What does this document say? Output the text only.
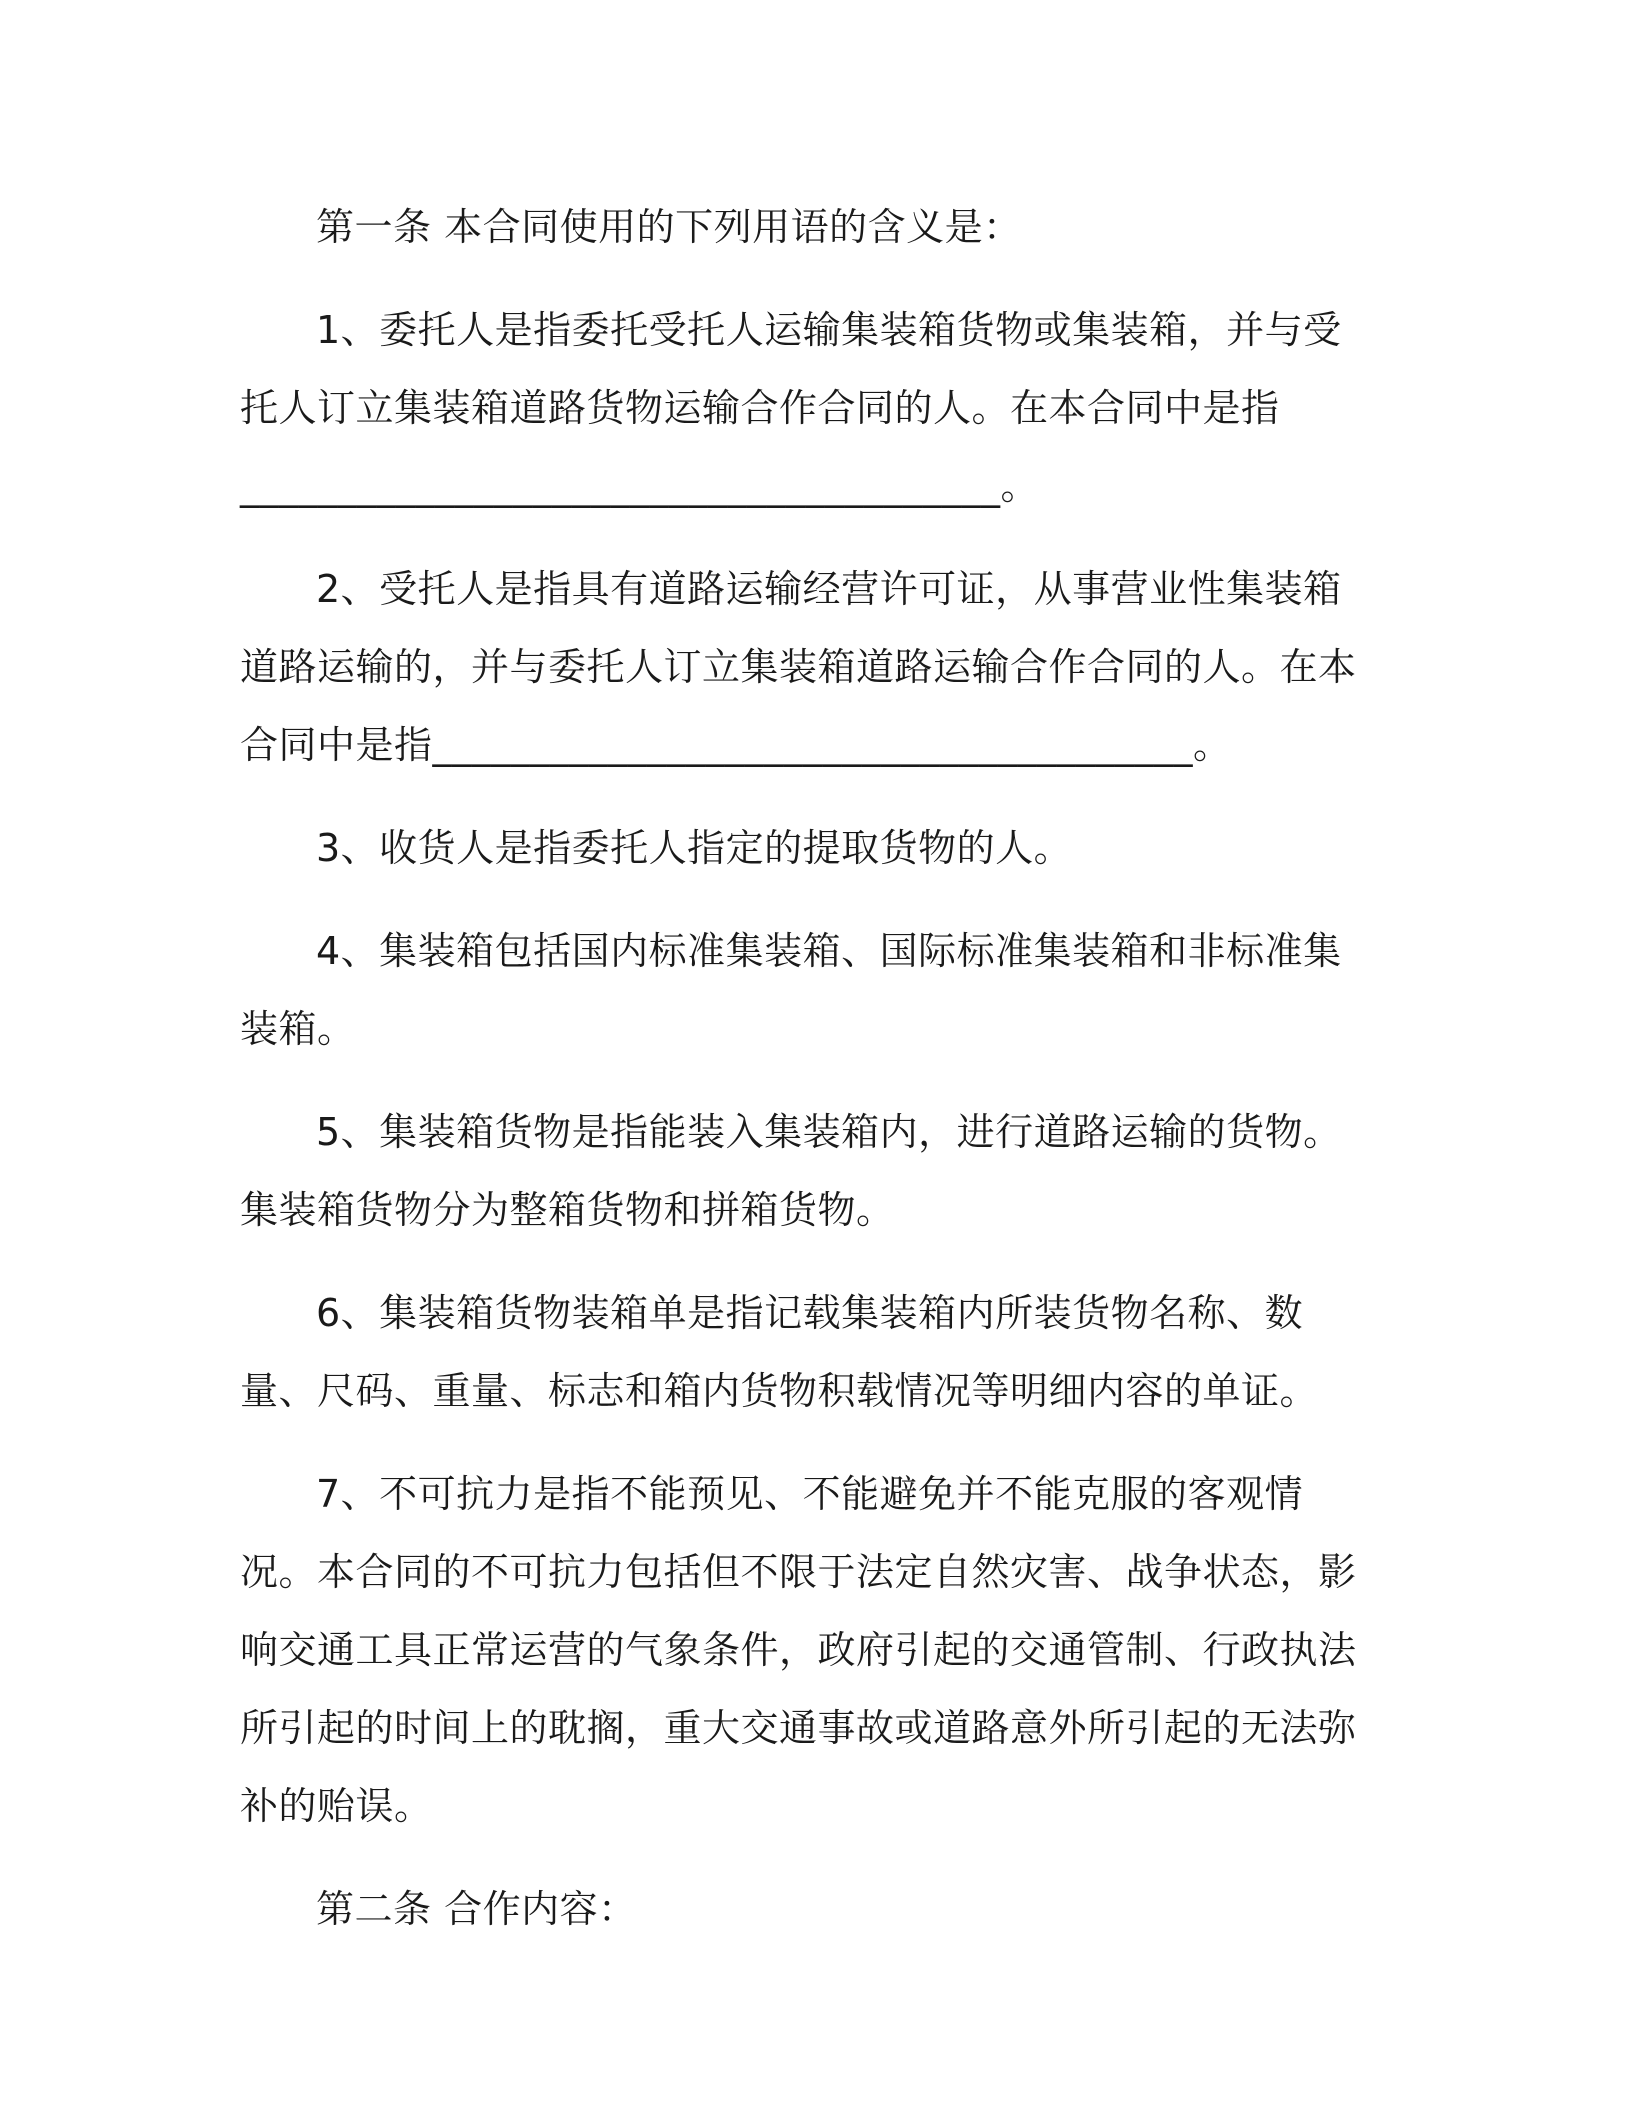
第一条 本合同使用的下列用语的含义是：

1、委托人是指委托受托人运输集装箱货物或集装箱，并与受托人订立集装箱道路货物运输合作合同的人。在本合同中是指

_______________________________________。

2、受托人是指具有道路运输经营许可证，从事营业性集装箱道路运输的，并与委托人订立集装箱道路运输合作合同的人。在本合同中是指_______________________________________。

3、收货人是指委托人指定的提取货物的人。

4、集装箱包括国内标准集装箱、国际标准集装箱和非标准集装箱。

5、集装箱货物是指能装入集装箱内，进行道路运输的货物。集装箱货物分为整箱货物和拼箱货物。

6、集装箱货物装箱单是指记载集装箱内所装货物名称、数量、尺码、重量、标志和箱内货物积载情况等明细内容的单证。

7、不可抗力是指不能预见、不能避免并不能克服的客观情况。本合同的不可抗力包括但不限于法定自然灾害、战争状态，影响交通工具正常运营的气象条件，政府引起的交通管制、行政执法所引起的时间上的耽搁，重大交通事故或道路意外所引起的无法弥补的贻误。

第二条 合作内容：
